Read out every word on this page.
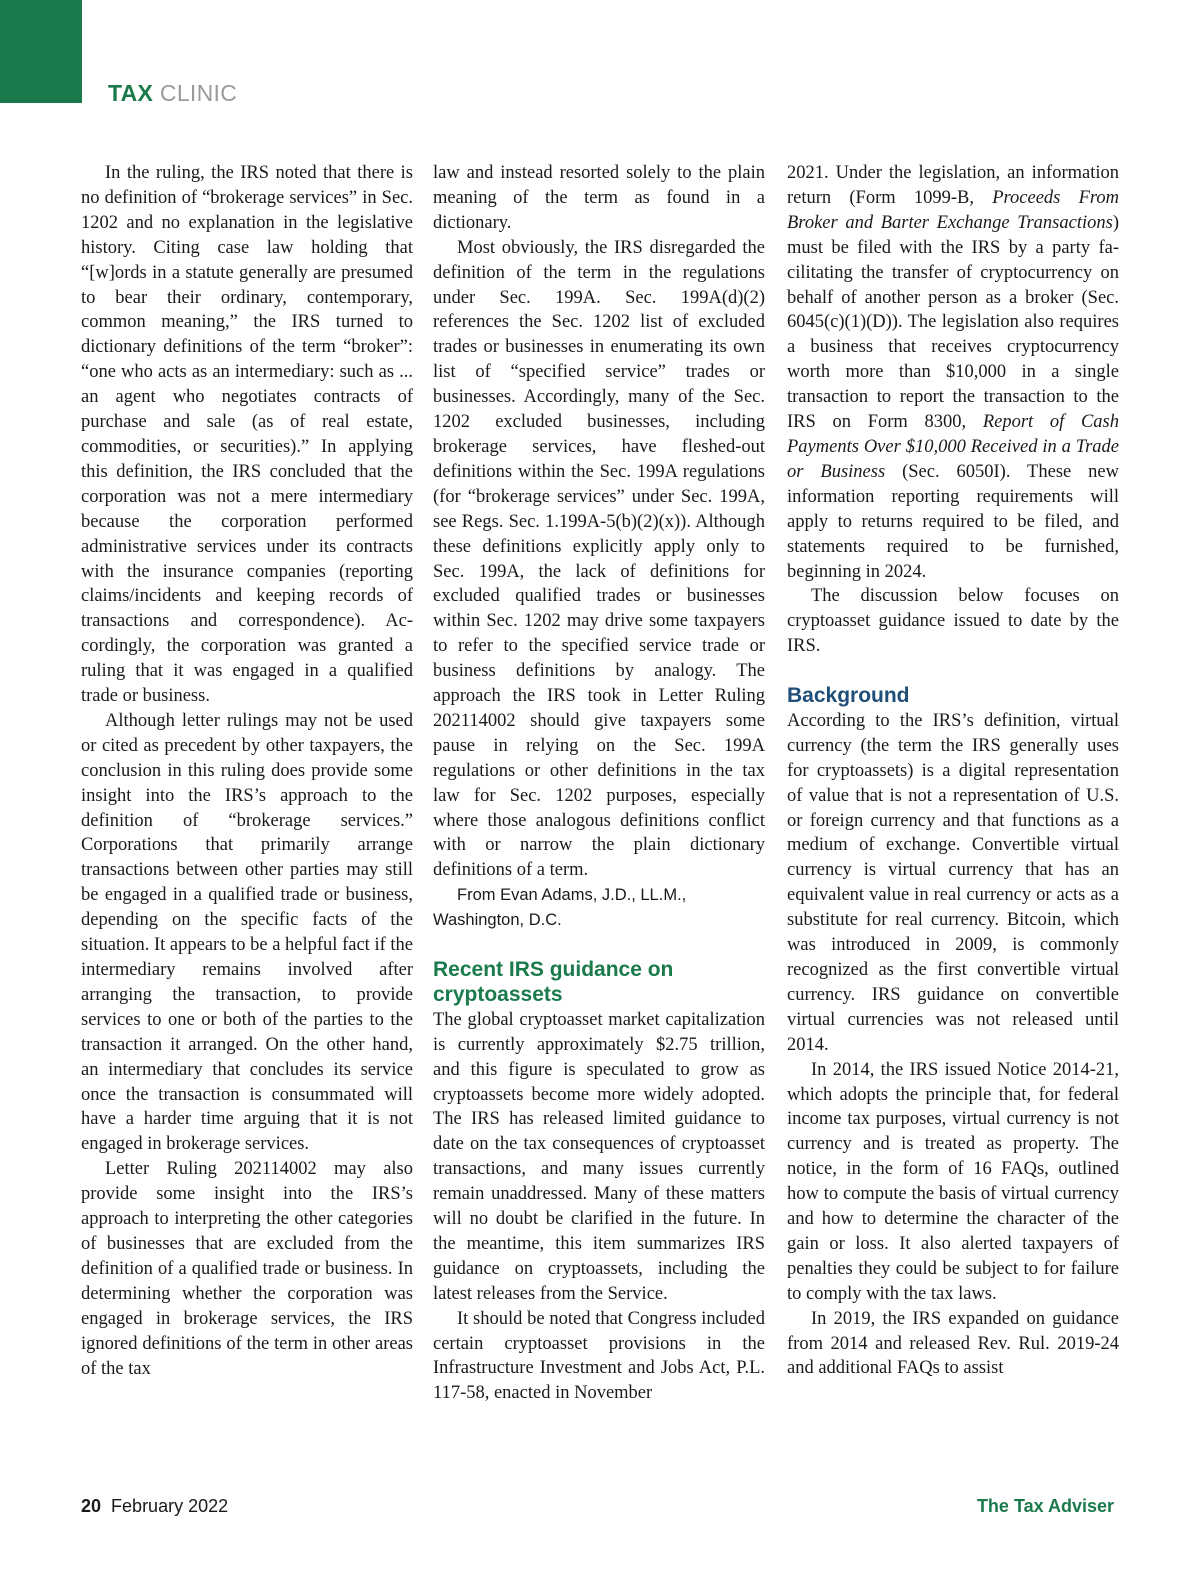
TAX CLINIC

In the ruling, the IRS noted that there is no definition of “brokerage services” in Sec. 1202 and no explanation in the legislative history. Citing case law holding that “[w]ords in a statute generally are presumed to bear their ordinary, contemporary, common meaning,” the IRS turned to dictionary definitions of the term “broker”: “one who acts as an intermediary: such as ... an agent who negotiates contracts of purchase and sale (as of real estate, commodities, or securities).” In applying this definition, the IRS concluded that the corporation was not a mere intermediary because the corporation performed administrative services under its contracts with the insurance companies (reporting claims/incidents and keeping records of transactions and correspondence). Accordingly, the corporation was granted a ruling that it was engaged in a qualified trade or business.

Although letter rulings may not be used or cited as precedent by other taxpayers, the conclusion in this ruling does provide some insight into the IRS’s approach to the definition of “brokerage services.” Corporations that primarily arrange transactions between other parties may still be engaged in a qualified trade or business, depending on the specific facts of the situation. It appears to be a helpful fact if the intermediary remains involved after arranging the transaction, to provide services to one or both of the parties to the transaction it arranged. On the other hand, an intermediary that concludes its service once the transaction is consummated will have a harder time arguing that it is not engaged in brokerage services.

Letter Ruling 202114002 may also provide some insight into the IRS’s approach to interpreting the other categories of businesses that are excluded from the definition of a qualified trade or business. In determining whether the corporation was engaged in brokerage services, the IRS ignored definitions of the term in other areas of the tax

law and instead resorted solely to the plain meaning of the term as found in a dictionary.

Most obviously, the IRS disregarded the definition of the term in the regulations under Sec. 199A. Sec. 199A(d)(2) references the Sec. 1202 list of excluded trades or businesses in enumerating its own list of “specified service” trades or businesses. Accordingly, many of the Sec. 1202 excluded businesses, including brokerage services, have fleshed-out definitions within the Sec. 199A regulations (for “brokerage services” under Sec. 199A, see Regs. Sec. 1.199A-5(b)(2)(x)). Although these definitions explicitly apply only to Sec. 199A, the lack of definitions for excluded qualified trades or businesses within Sec. 1202 may drive some taxpayers to refer to the specified service trade or business definitions by analogy. The approach the IRS took in Letter Ruling 202114002 should give taxpayers some pause in relying on the Sec. 199A regulations or other definitions in the tax law for Sec. 1202 purposes, especially where those analogous definitions conflict with or narrow the plain dictionary definitions of a term.

From Evan Adams, J.D., LL.M.,
Washington, D.C.

Recent IRS guidance on cryptoassets

The global cryptoasset market capitalization is currently approximately $2.75 trillion, and this figure is speculated to grow as cryptoassets become more widely adopted. The IRS has released limited guidance to date on the tax consequences of cryptoasset transactions, and many issues currently remain unaddressed. Many of these matters will no doubt be clarified in the future. In the meantime, this item summarizes IRS guidance on cryptoassets, including the latest releases from the Service.

It should be noted that Congress included certain cryptoasset provisions in the Infrastructure Investment and Jobs Act, P.L. 117-58, enacted in November

2021. Under the legislation, an information return (Form 1099-B, Proceeds From Broker and Barter Exchange Transactions) must be filed with the IRS by a party facilitating the transfer of cryptocurrency on behalf of another person as a broker (Sec. 6045(c)(1)(D)). The legislation also requires a business that receives cryptocurrency worth more than $10,000 in a single transaction to report the transaction to the IRS on Form 8300, Report of Cash Payments Over $10,000 Received in a Trade or Business (Sec. 6050I). These new information reporting requirements will apply to returns required to be filed, and statements required to be furnished, beginning in 2024.

The discussion below focuses on cryptoasset guidance issued to date by the IRS.

Background

According to the IRS’s definition, virtual currency (the term the IRS generally uses for cryptoassets) is a digital representation of value that is not a representation of U.S. or foreign currency and that functions as a medium of exchange. Convertible virtual currency is virtual currency that has an equivalent value in real currency or acts as a substitute for real currency. Bitcoin, which was introduced in 2009, is commonly recognized as the first convertible virtual currency. IRS guidance on convertible virtual currencies was not released until 2014.

In 2014, the IRS issued Notice 2014-21, which adopts the principle that, for federal income tax purposes, virtual currency is not currency and is treated as property. The notice, in the form of 16 FAQs, outlined how to compute the basis of virtual currency and how to determine the character of the gain or loss. It also alerted taxpayers of penalties they could be subject to for failure to comply with the tax laws.

In 2019, the IRS expanded on guidance from 2014 and released Rev. Rul. 2019-24 and additional FAQs to assist

20 February 2022	The Tax Adviser
